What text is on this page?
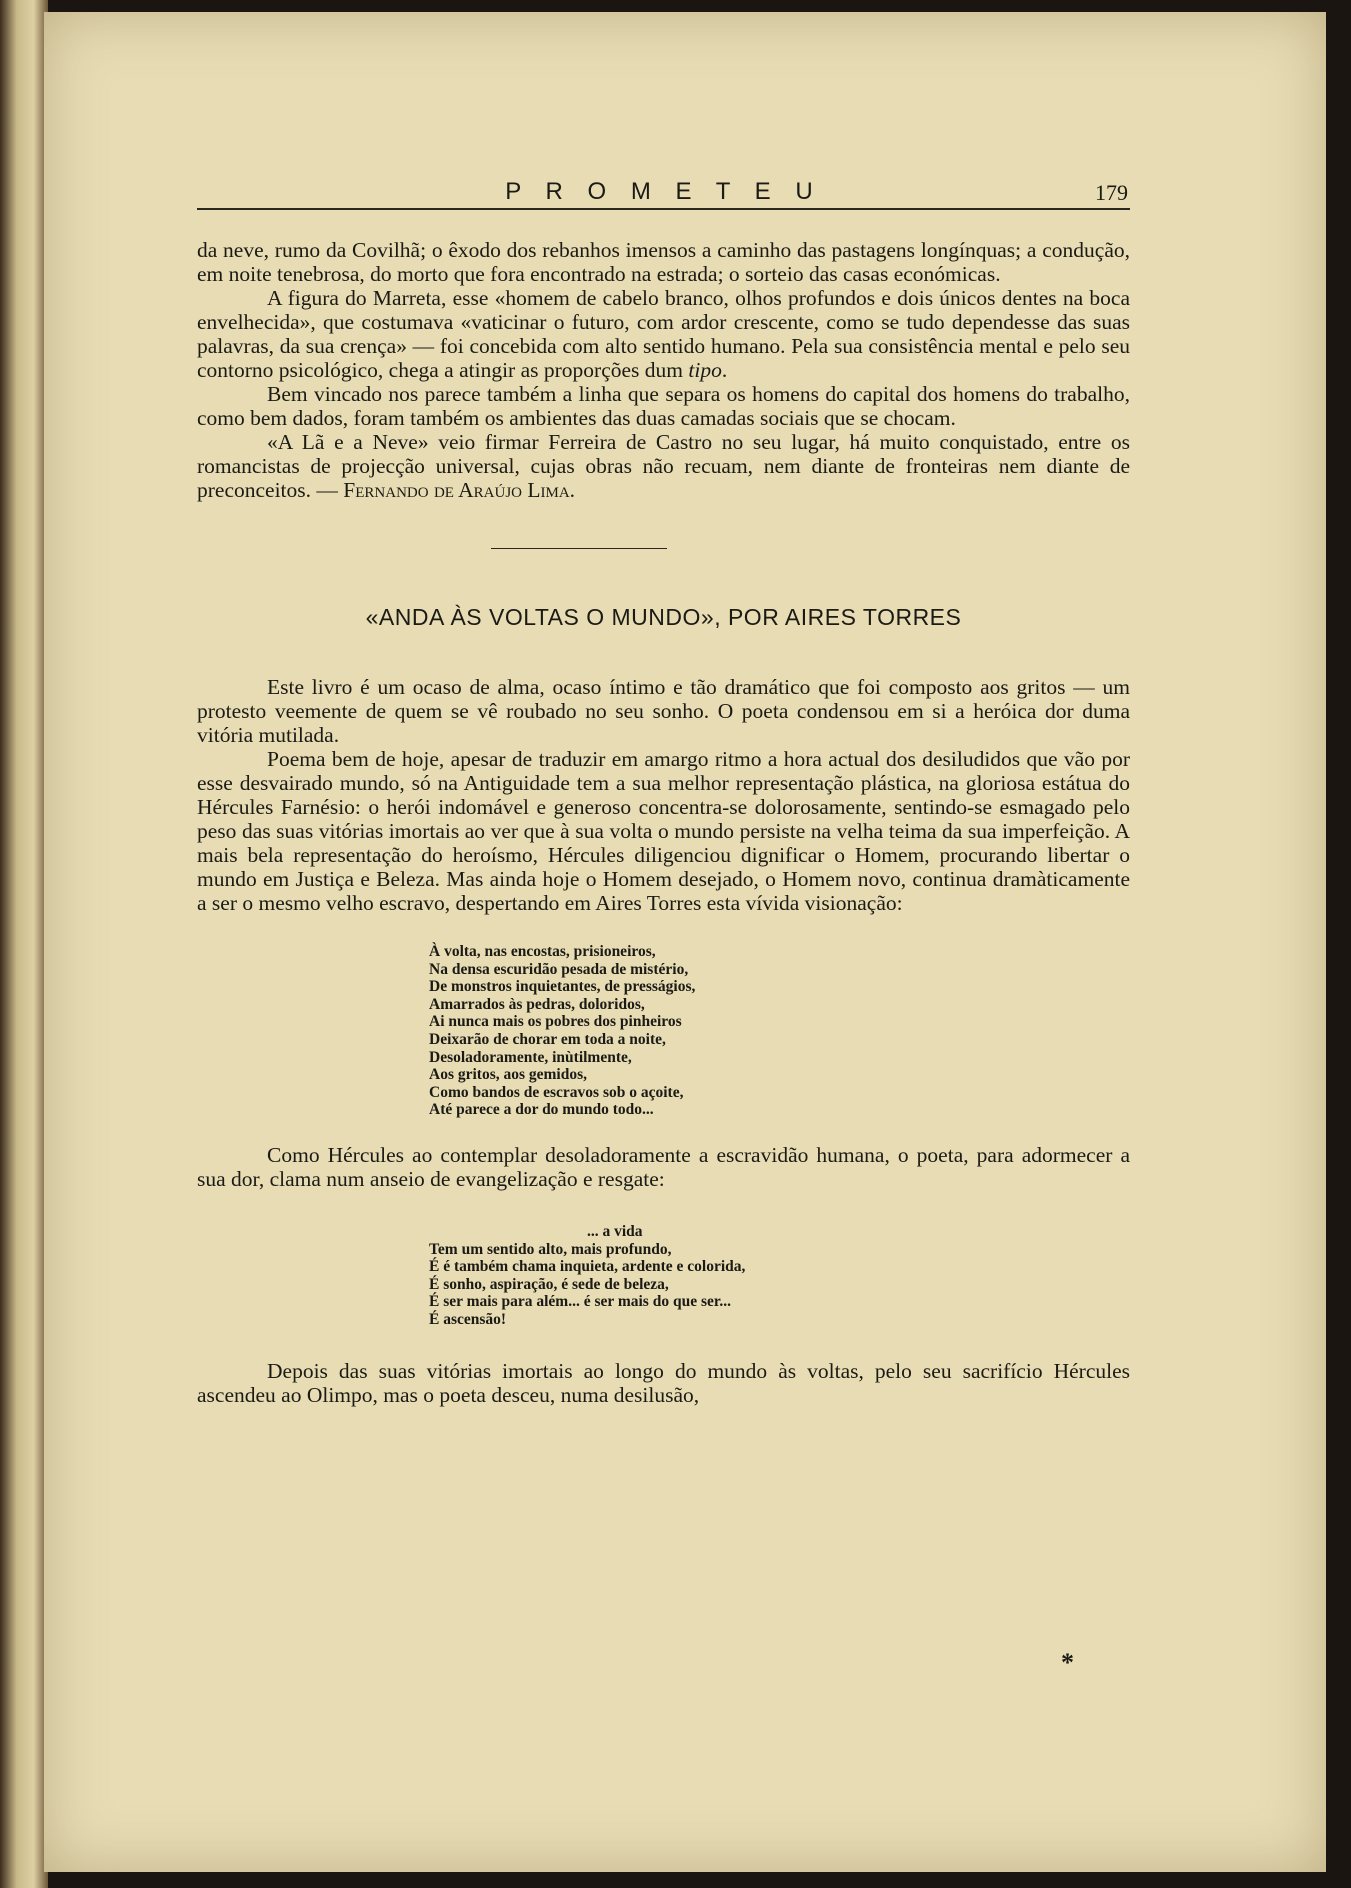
P R O M E T E U	179

da neve, rumo da Covilhã; o êxodo dos rebanhos imensos a caminho das pastagens longínquas; a condução, em noite tenebrosa, do morto que fora encontrado na estrada; o sorteio das casas económicas.

A figura do Marreta, esse «homem de cabelo branco, olhos profundos e dois únicos dentes na boca envelhecida», que costumava «vaticinar o futuro, com ardor crescente, como se tudo dependesse das suas palavras, da sua crença» — foi concebida com alto sentido humano. Pela sua consistência mental e pelo seu contorno psicológico, chega a atingir as proporções dum tipo.

Bem vincado nos parece também a linha que separa os homens do capital dos homens do trabalho, como bem dados, foram também os ambientes das duas camadas sociais que se chocam.

«A Lã e a Neve» veio firmar Ferreira de Castro no seu lugar, há muito conquistado, entre os romancistas de projecção universal, cujas obras não recuam, nem diante de fronteiras nem diante de preconceitos. — Fernando de Araújo Lima.

«ANDA ÀS VOLTAS O MUNDO», POR AIRES TORRES

Este livro é um ocaso de alma, ocaso íntimo e tão dramático que foi composto aos gritos — um protesto veemente de quem se vê roubado no seu sonho. O poeta condensou em si a heróica dor duma vitória mutilada.

Poema bem de hoje, apesar de traduzir em amargo ritmo a hora actual dos desiludidos que vão por esse desvairado mundo, só na Antiguidade tem a sua melhor representação plástica, na gloriosa estátua do Hércules Farnésio: o herói indomável e generoso concentra-se dolorosamente, sentindo-se esmagado pelo peso das suas vitórias imortais ao ver que à sua volta o mundo persiste na velha teima da sua imperfeição. A mais bela representação do heroísmo, Hércules diligenciou dignificar o Homem, procurando libertar o mundo em Justiça e Beleza. Mas ainda hoje o Homem desejado, o Homem novo, continua dramàticamente a ser o mesmo velho escravo, despertando em Aires Torres esta vívida visionação:

À volta, nas encostas, prisioneiros,
Na densa escuridão pesada de mistério,
De monstros inquietantes, de presságios,
Amarrados às pedras, doloridos,
Ai nunca mais os pobres dos pinheiros
Deixarão de chorar em toda a noite,
Desoladoramente, inùtilmente,
Aos gritos, aos gemidos,
Como bandos de escravos sob o açoite,
Até parece a dor do mundo todo...

Como Hércules ao contemplar desoladoramente a escravidão humana, o poeta, para adormecer a sua dor, clama num anseio de evangelização e resgate:

... a vida
Tem um sentido alto, mais profundo,
É é também chama inquieta, ardente e colorida,
É sonho, aspiração, é sede de beleza,
É ser mais para além... é ser mais do que ser...
É ascensão!

Depois das suas vitórias imortais ao longo do mundo às voltas, pelo seu sacrifício Hércules ascendeu ao Olimpo, mas o poeta desceu, numa desilusão,

*
